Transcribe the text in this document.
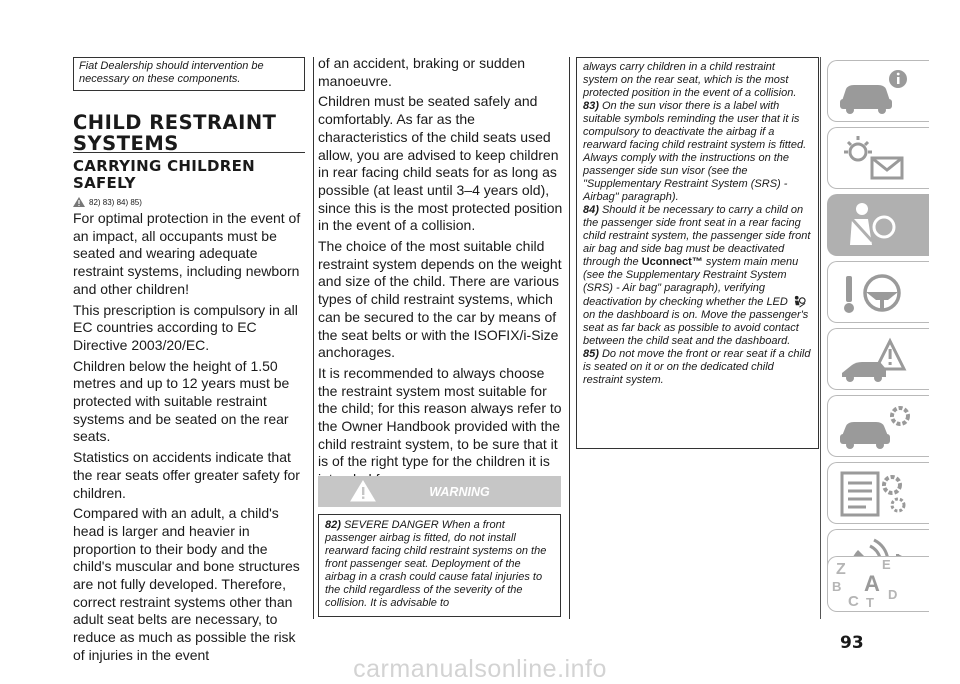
Fiat Dealership should intervention be necessary on these components.
CHILD RESTRAINT
SYSTEMS
CARRYING CHILDREN
SAFELY
82) 83) 84) 85)

For optimal protection in the event of an impact, all occupants must be seated and wearing adequate restraint systems, including newborn and other children!

This prescription is compulsory in all EC countries according to EC Directive 2003/20/EC.

Children below the height of 1.50 metres and up to 12 years must be protected with suitable restraint systems and be seated on the rear seats.

Statistics on accidents indicate that the rear seats offer greater safety for children.

Compared with an adult, a child's head is larger and heavier in proportion to their body and the child's muscular and bone structures are not fully developed. Therefore, correct restraint systems other than adult seat belts are necessary, to reduce as much as possible the risk of injuries in the event

of an accident, braking or sudden manoeuvre.

Children must be seated safely and comfortably. As far as the characteristics of the child seats used allow, you are advised to keep children in rear facing child seats for as long as possible (at least until 3–4 years old), since this is the most protected position in the event of a collision.

The choice of the most suitable child restraint system depends on the weight and size of the child. There are various types of child restraint systems, which can be secured to the car by means of the seat belts or with the ISOFIX/i-Size anchorages.

It is recommended to always choose the restraint system most suitable for the child; for this reason always refer to the Owner Handbook provided with the child restraint system, to be sure that it is of the right type for the children it is

WARNING
82) SEVERE DANGER When a front passenger airbag is fitted, do not install rearward facing child restraint systems on the front passenger seat. Deployment of the airbag in a crash could cause fatal injuries to the child regardless of the severity of the collision. It is advisable to

always carry children in a child restraint system on the rear seat, which is the most protected position in the event of a collision.

83) On the sun visor there is a label with suitable symbols reminding the user that it is compulsory to deactivate the airbag if a rearward facing child restraint system is fitted. Always comply with the instructions on the passenger side sun visor (see the "Supplementary Restraint System (SRS) - Airbag" paragraph).

84) Should it be necessary to carry a child on the passenger side front seat in a rear facing child restraint system, the passenger side front air bag and side bag must be deactivated through the Uconnect™ system main menu (see the Supplementary Restraint System (SRS) - Air bag" paragraph), verifying deactivation by checking whether the LED  on the dashboard is on. Move the passenger's seat as far back as possible to avoid contact between the child seat and the dashboard.

85) Do not move the front or rear seat if a child is seated on it or on the dedicated child restraint system.

Z	E
A
B
C T
D
93
carmanualsonline.info
